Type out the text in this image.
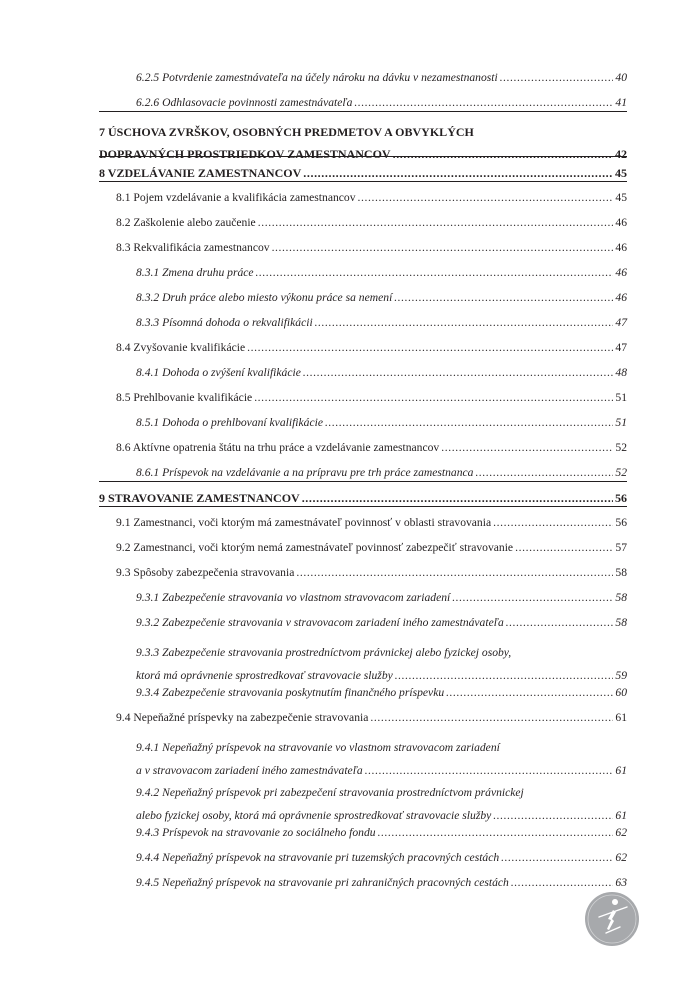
6.2.5 Potvrdenie zamestnávateľa na účely nároku na dávku v nezamestnanosti .....	40
6.2.6 Odhlasovacie povinnosti zamestnávateľa .....	41
7 ÚSCHOVA ZVRŠKOV, OSOBNÝCH PREDMETOV A OBVYKLÝCH
DOPRAVNÝCH PROSTRIEDKOV ZAMESTNANCOV .....	42
8 VZDELÁVANIE ZAMESTNANCOV .....	45
8.1 Pojem vzdelávanie a kvalifikácia zamestnancov .....	45
8.2 Zaškolenie alebo zaučenie .....	46
8.3 Rekvalifikácia zamestnancov .....	46
8.3.1 Zmena druhu práce .....	46
8.3.2 Druh práce alebo miesto výkonu práce sa nemení .....	46
8.3.3 Písomná dohoda o rekvalifikácii .....	47
8.4 Zvyšovanie kvalifikácie .....	47
8.4.1 Dohoda o zvýšení kvalifikácie .....	48
8.5 Prehlbovanie kvalifikácie .....	51
8.5.1 Dohoda o prehlbovaní kvalifikácie .....	51
8.6 Aktívne opatrenia štátu na trhu práce a vzdelávanie zamestnancov .....	52
8.6.1 Príspevok na vzdelávanie a na prípravu pre trh práce zamestnanca .....	52
9 STRAVOVANIE ZAMESTNANCOV .....	56
9.1 Zamestnanci, voči ktorým má zamestnávateľ povinnosť v oblasti stravovania .....	56
9.2 Zamestnanci, voči ktorým nemá zamestnávateľ povinnosť zabezpečiť stravovanie .....	57
9.3 Spôsoby zabezpečenia stravovania .....	58
9.3.1 Zabezpečenie stravovania vo vlastnom stravovacom zariadení .....	58
9.3.2 Zabezpečenie stravovania v stravovacom zariadení iného zamestnávateľa .....	58
9.3.3 Zabezpečenie stravovania prostredníctvom právnickej alebo fyzickej osoby,
ktorá má oprávnenie sprostredkovať stravovacie služby .....	59
9.3.4 Zabezpečenie stravovania poskytnutím finančného príspevku .....	60
9.4 Nepeňažné príspevky na zabezpečenie stravovania .....	61
9.4.1 Nepeňažný príspevok na stravovanie vo vlastnom stravovacom zariadení
a v stravovacom zariadení iného zamestnávateľa .....	61
9.4.2 Nepeňažný príspevok pri zabezpečení stravovania prostredníctvom právnickej
alebo fyzickej osoby, ktorá má oprávnenie sprostredkovať stravovacie služby .....	61
9.4.3 Príspevok na stravovanie zo sociálneho fondu .....	62
9.4.4 Nepeňažný príspevok na stravovanie pri tuzemských pracovných cestách .....	62
9.4.5 Nepeňažný príspevok na stravovanie pri zahraničných pracovných cestách .....	63
